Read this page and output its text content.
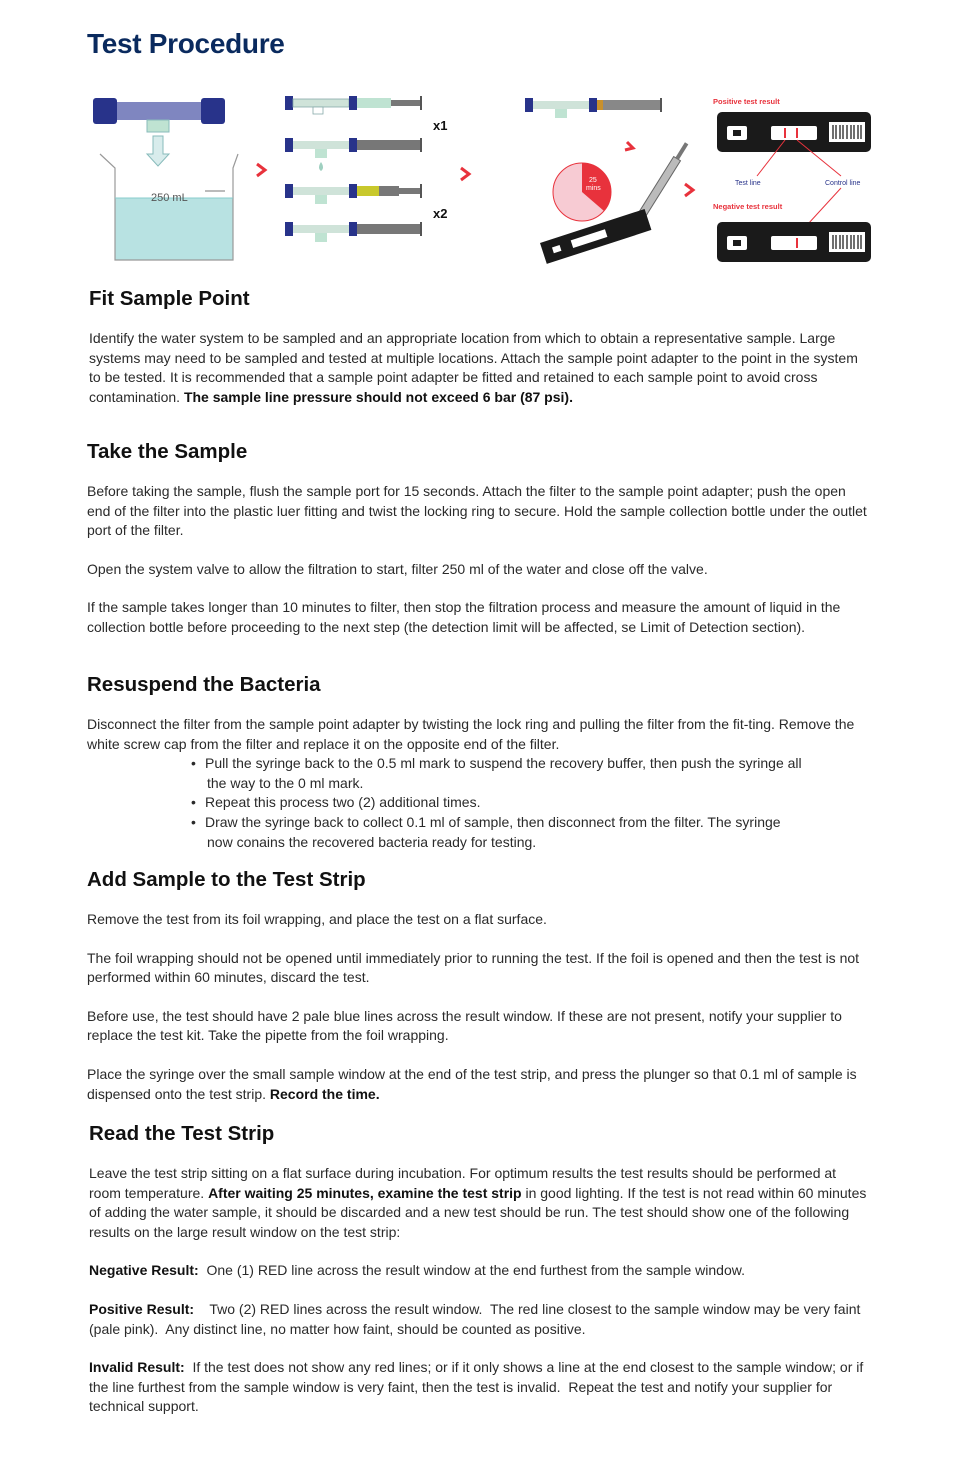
Test Procedure
250 mL
x1
x2
25
mins
Positive test result
Test line	Control line
Negative test result
Fit Sample Point

Identify the water system to be sampled and an appropriate location from which to obtain a representative sample. Large systems may need to be sampled and tested at multiple locations. Attach the sample point adapter to the point in the system to be tested. It is recommended that a sample point adapter be fitted and retained to each sample point to avoid cross contamination. The sample line pressure should not exceed 6 bar (87 psi).

Take the Sample

Before taking the sample, flush the sample port for 15 seconds. Attach the filter to the sample point adapter; push the open end of the filter into the plastic luer fitting and twist the locking ring to secure. Hold the sample collection bottle under the outlet port of the filter.

Open the system valve to allow the filtration to start, filter 250 ml of the water and close off the valve.

If the sample takes longer than 10 minutes to filter, then stop the filtration process and measure the amount of liquid in the collection bottle before proceeding to the next step (the detection limit will be affected, se Limit of Detection section).

Resuspend the Bacteria

Disconnect the filter from the sample point adapter by twisting the lock ring and pulling the filter from the fit-ting. Remove the white screw cap from the filter and replace it on the opposite end of the filter.

• Pull the syringe back to the 0.5 ml mark to suspend the recovery buffer, then push the syringe all
the way to the 0 ml mark.
• Repeat this process two (2) additional times.
• Draw the syringe back to collect 0.1 ml of sample, then disconnect from the filter. The syringe
now conains the recovered bacteria ready for testing.
Add Sample to the Test Strip

Remove the test from its foil wrapping, and place the test on a flat surface.

The foil wrapping should not be opened until immediately prior to running the test. If the foil is opened and then the test is not performed within 60 minutes, discard the test.

Before use, the test should have 2 pale blue lines across the result window. If these are not present, notify your supplier to replace the test kit. Take the pipette from the foil wrapping.

Place the syringe over the small sample window at the end of the test strip, and press the plunger so that 0.1 ml of sample is dispensed onto the test strip. Record the time.

Read the Test Strip

Leave the test strip sitting on a flat surface during incubation. For optimum results the test results should be performed at room temperature. After waiting 25 minutes, examine the test strip in good lighting. If the test is not read within 60 minutes of adding the water sample, it should be discarded and a new test should be run. The test should show one of the following results on the large result window on the test strip:

Negative Result:  One (1) RED line across the result window at the end furthest from the sample window.

Positive Result:    Two (2) RED lines across the result window.  The red line closest to the sample window may be very faint (pale pink).  Any distinct line, no matter how faint, should be counted as positive.

Invalid Result:  If the test does not show any red lines; or if it only shows a line at the end closest to the sample window; or if the line furthest from the sample window is very faint, then the test is invalid.  Repeat the test and notify your supplier for technical support.
